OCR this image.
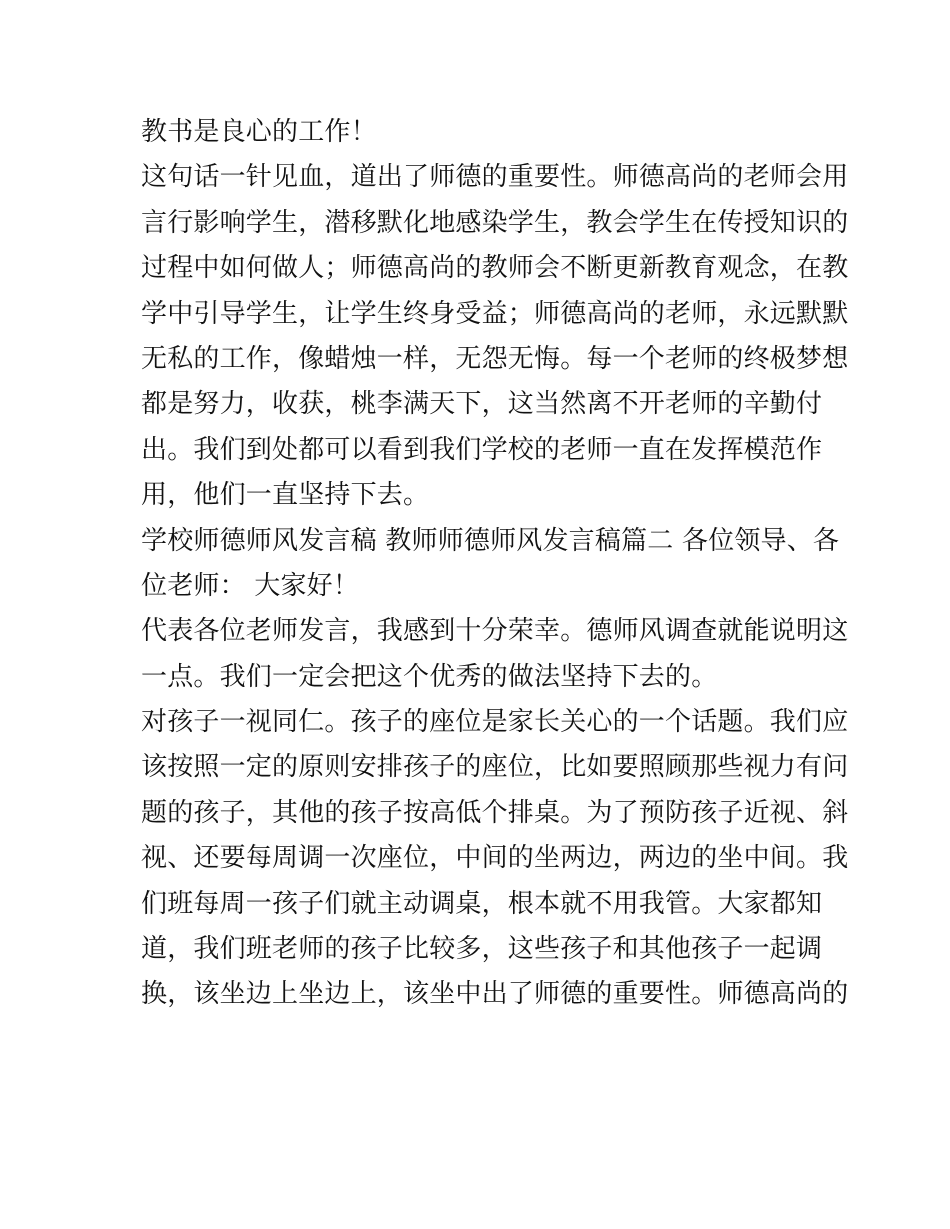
教书是良心的工作！
这句话一针见血，道出了师德的重要性。师德高尚的老师会用
言行影响学生，潜移默化地感染学生，教会学生在传授知识的
过程中如何做人；师德高尚的教师会不断更新教育观念，在教
学中引导学生，让学生终身受益；师德高尚的老师，永远默默
无私的工作，像蜡烛一样，无怨无悔。每一个老师的终极梦想
都是努力，收获，桃李满天下，这当然离不开老师的辛勤付
出。我们到处都可以看到我们学校的老师一直在发挥模范作
用，他们一直坚持下去。
学校师德师风发言稿 教师师德师风发言稿篇二 各位领导、各
位老师： 大家好！
代表各位老师发言，我感到十分荣幸。德师风调查就能说明这
一点。我们一定会把这个优秀的做法坚持下去的。
对孩子一视同仁。孩子的座位是家长关心的一个话题。我们应
该按照一定的原则安排孩子的座位，比如要照顾那些视力有问
题的孩子，其他的孩子按高低个排桌。为了预防孩子近视、斜
视、还要每周调一次座位，中间的坐两边，两边的坐中间。我
们班每周一孩子们就主动调桌，根本就不用我管。大家都知
道，我们班老师的孩子比较多，这些孩子和其他孩子一起调
换，该坐边上坐边上，该坐中出了师德的重要性。师德高尚的
